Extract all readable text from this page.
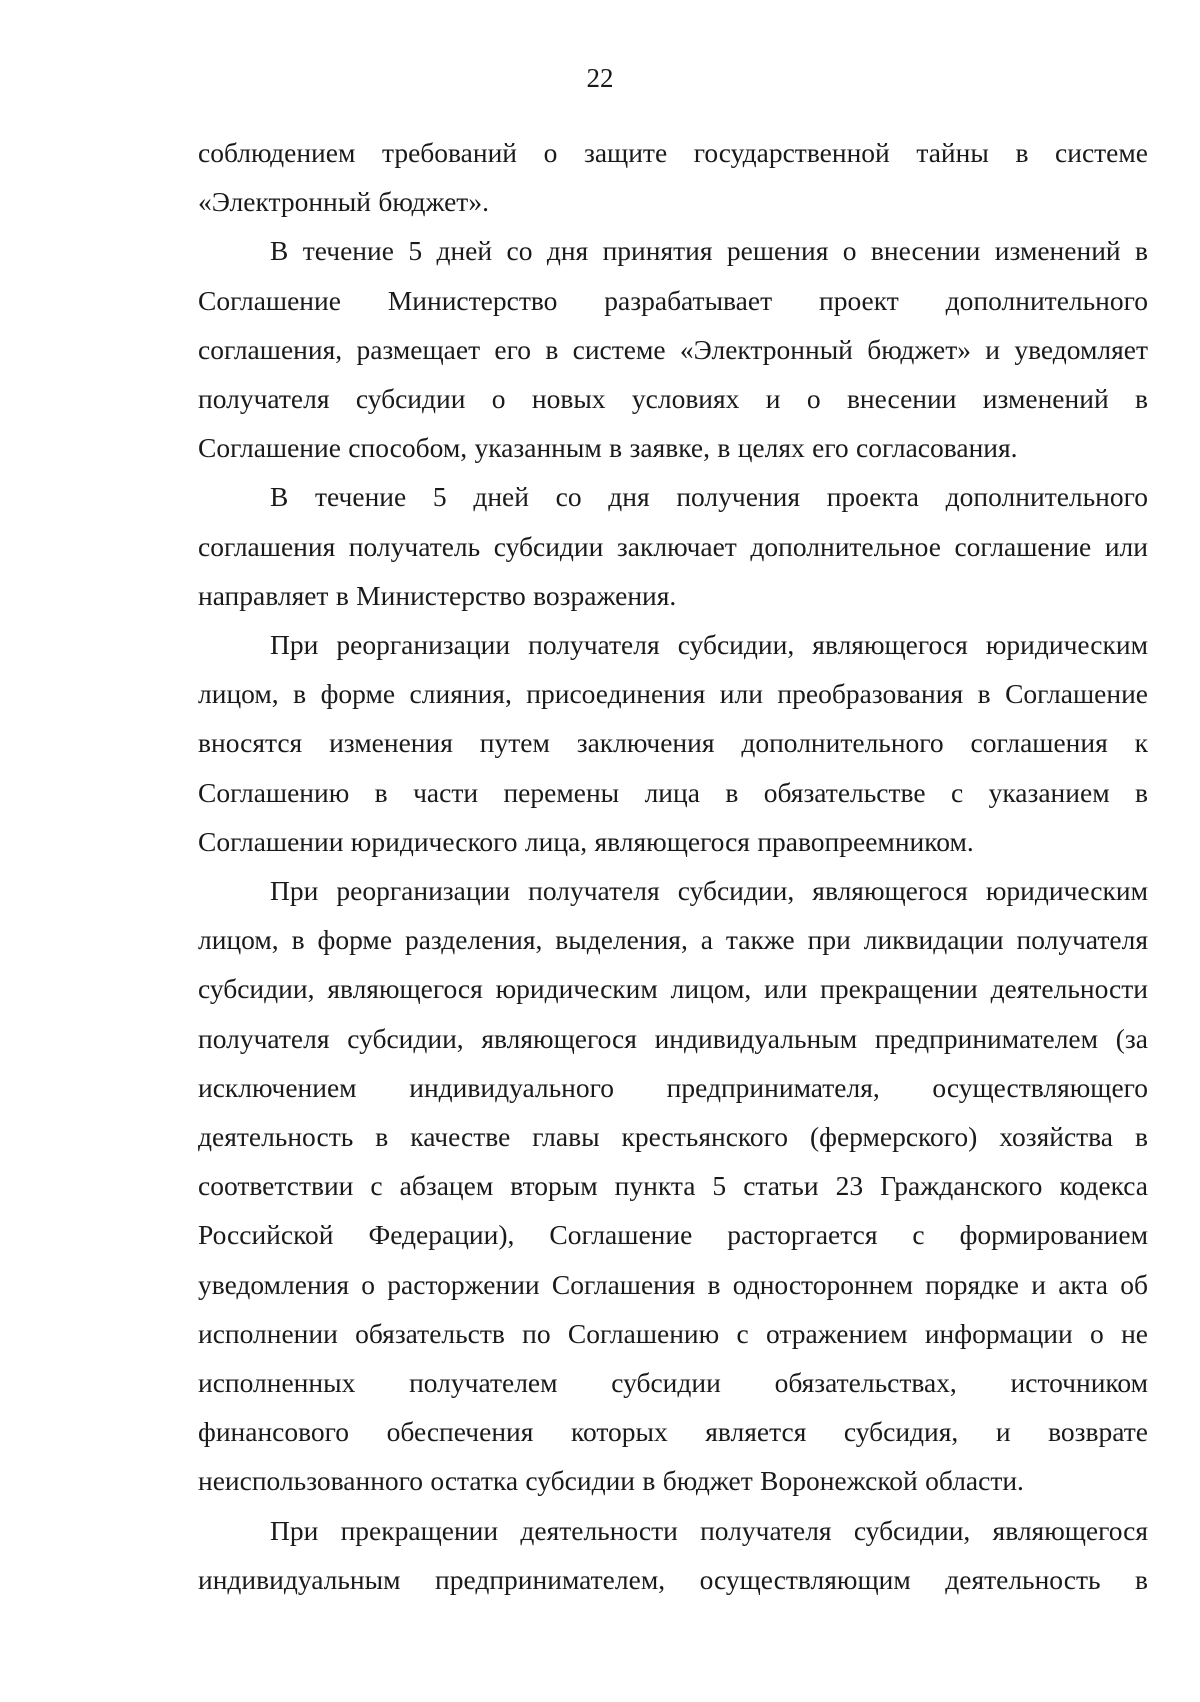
22

соблюдением требований о защите государственной тайны в системе
«Электронный бюджет».

В течение 5 дней со дня принятия решения о внесении изменений в
Соглашение Министерство разрабатывает проект дополнительного
соглашения, размещает его в системе «Электронный бюджет» и уведомляет
получателя субсидии о новых условиях и о внесении изменений в
Соглашение способом, указанным в заявке, в целях его согласования.

В течение 5 дней со дня получения проекта дополнительного
соглашения получатель субсидии заключает дополнительное соглашение или
направляет в Министерство возражения.

При реорганизации получателя субсидии, являющегося юридическим
лицом, в форме слияния, присоединения или преобразования в Соглашение
вносятся изменения путем заключения дополнительного соглашения к
Соглашению в части перемены лица в обязательстве с указанием в
Соглашении юридического лица, являющегося правопреемником.

При реорганизации получателя субсидии, являющегося юридическим
лицом, в форме разделения, выделения, а также при ликвидации получателя
субсидии, являющегося юридическим лицом, или прекращении деятельности
получателя субсидии, являющегося индивидуальным предпринимателем (за
исключением индивидуального предпринимателя, осуществляющего
деятельность в качестве главы крестьянского (фермерского) хозяйства в
соответствии с абзацем вторым пункта 5 статьи 23 Гражданского кодекса
Российской Федерации), Соглашение расторгается с формированием
уведомления о расторжении Соглашения в одностороннем порядке и акта об
исполнении обязательств по Соглашению с отражением информации о не
исполненных получателем субсидии обязательствах, источником
финансового обеспечения которых является субсидия, и возврате
неиспользованного остатка субсидии в бюджет Воронежской области.

При прекращении деятельности получателя субсидии, являющегося
индивидуальным предпринимателем, осуществляющим деятельность в
